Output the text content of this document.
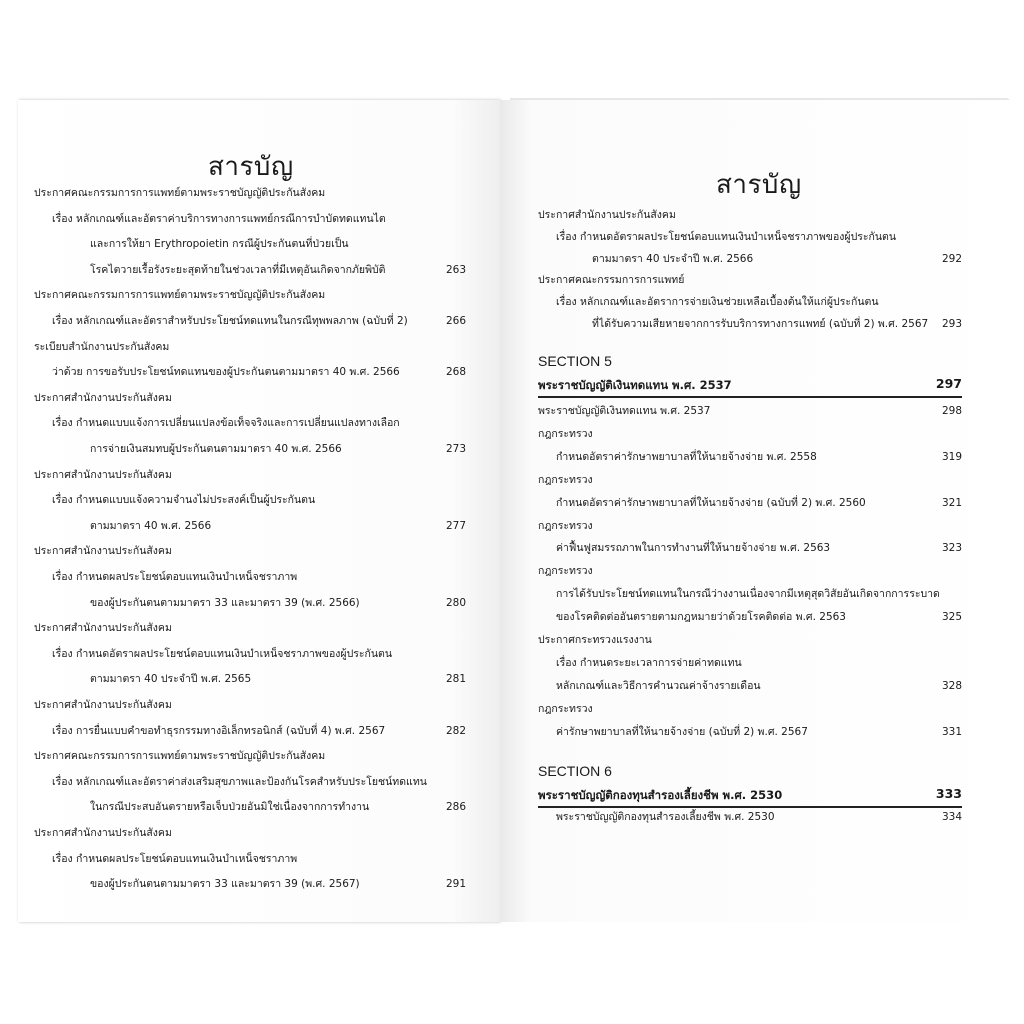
สารบัญ
ประกาศคณะกรรมการการแพทย์ตามพระราชบัญญัติประกันสังคม
เรื่อง หลักเกณฑ์และอัตราค่าบริการทางการแพทย์กรณีการบำบัดทดแทนไต
และการให้ยา Erythropoietin กรณีผู้ประกันตนที่ป่วยเป็น
โรคไตวายเรื้อรังระยะสุดท้ายในช่วงเวลาที่มีเหตุอันเกิดจากภัยพิบัติ	263
ประกาศคณะกรรมการการแพทย์ตามพระราชบัญญัติประกันสังคม
เรื่อง หลักเกณฑ์และอัตราสำหรับประโยชน์ทดแทนในกรณีทุพพลภาพ (ฉบับที่ 2)	266
ระเบียบสำนักงานประกันสังคม
ว่าด้วย การขอรับประโยชน์ทดแทนของผู้ประกันตนตามมาตรา 40 พ.ศ. 2566	268
ประกาศสำนักงานประกันสังคม
เรื่อง กำหนดแบบแจ้งการเปลี่ยนแปลงข้อเท็จจริงและการเปลี่ยนแปลงทางเลือก
การจ่ายเงินสมทบผู้ประกันตนตามมาตรา 40 พ.ศ. 2566	273
ประกาศสำนักงานประกันสังคม
เรื่อง กำหนดแบบแจ้งความจำนงไม่ประสงค์เป็นผู้ประกันตน
ตามมาตรา 40 พ.ศ. 2566	277
ประกาศสำนักงานประกันสังคม
เรื่อง กำหนดผลประโยชน์ตอบแทนเงินบำเหน็จชราภาพ
ของผู้ประกันตนตามมาตรา 33 และมาตรา 39 (พ.ศ. 2566)	280
ประกาศสำนักงานประกันสังคม
เรื่อง กำหนดอัตราผลประโยชน์ตอบแทนเงินบำเหน็จชราภาพของผู้ประกันตน
ตามมาตรา 40 ประจำปี พ.ศ. 2565	281
ประกาศสำนักงานประกันสังคม
เรื่อง การยื่นแบบคำขอทำธุรกรรมทางอิเล็กทรอนิกส์ (ฉบับที่ 4) พ.ศ. 2567	282
ประกาศคณะกรรมการการแพทย์ตามพระราชบัญญัติประกันสังคม
เรื่อง หลักเกณฑ์และอัตราค่าส่งเสริมสุขภาพและป้องกันโรคสำหรับประโยชน์ทดแทน
ในกรณีประสบอันตรายหรือเจ็บป่วยอันมิใช่เนื่องจากการทำงาน	286
ประกาศสำนักงานประกันสังคม
เรื่อง กำหนดผลประโยชน์ตอบแทนเงินบำเหน็จชราภาพ
ของผู้ประกันตนตามมาตรา 33 และมาตรา 39 (พ.ศ. 2567)	291
สารบัญ
ประกาศสำนักงานประกันสังคม
เรื่อง กำหนดอัตราผลประโยชน์ตอบแทนเงินบำเหน็จชราภาพของผู้ประกันตน
ตามมาตรา 40 ประจำปี พ.ศ. 2566	292
ประกาศคณะกรรมการการแพทย์
เรื่อง หลักเกณฑ์และอัตราการจ่ายเงินช่วยเหลือเบื้องต้นให้แก่ผู้ประกันตน
ที่ได้รับความเสียหายจากการรับบริการทางการแพทย์ (ฉบับที่ 2) พ.ศ. 2567	293
SECTION 5
พระราชบัญญัติเงินทดแทน พ.ศ. 2537	297
พระราชบัญญัติเงินทดแทน พ.ศ. 2537	298
กฎกระทรวง
กำหนดอัตราค่ารักษาพยาบาลที่ให้นายจ้างจ่าย พ.ศ. 2558	319
กฎกระทรวง
กำหนดอัตราค่ารักษาพยาบาลที่ให้นายจ้างจ่าย (ฉบับที่ 2) พ.ศ. 2560	321
กฎกระทรวง
ค่าฟื้นฟูสมรรถภาพในการทำงานที่ให้นายจ้างจ่าย พ.ศ. 2563	323
กฎกระทรวง
การได้รับประโยชน์ทดแทนในกรณีว่างงานเนื่องจากมีเหตุสุดวิสัยอันเกิดจากการระบาด
ของโรคติดต่ออันตรายตามกฎหมายว่าด้วยโรคติดต่อ พ.ศ. 2563	325
ประกาศกระทรวงแรงงาน
เรื่อง กำหนดระยะเวลาการจ่ายค่าทดแทน
หลักเกณฑ์และวิธีการคำนวณค่าจ้างรายเดือน	328
กฎกระทรวง
ค่ารักษาพยาบาลที่ให้นายจ้างจ่าย (ฉบับที่ 2) พ.ศ. 2567	331
SECTION 6
พระราชบัญญัติกองทุนสำรองเลี้ยงชีพ พ.ศ. 2530	333
พระราชบัญญัติกองทุนสำรองเลี้ยงชีพ พ.ศ. 2530	334
